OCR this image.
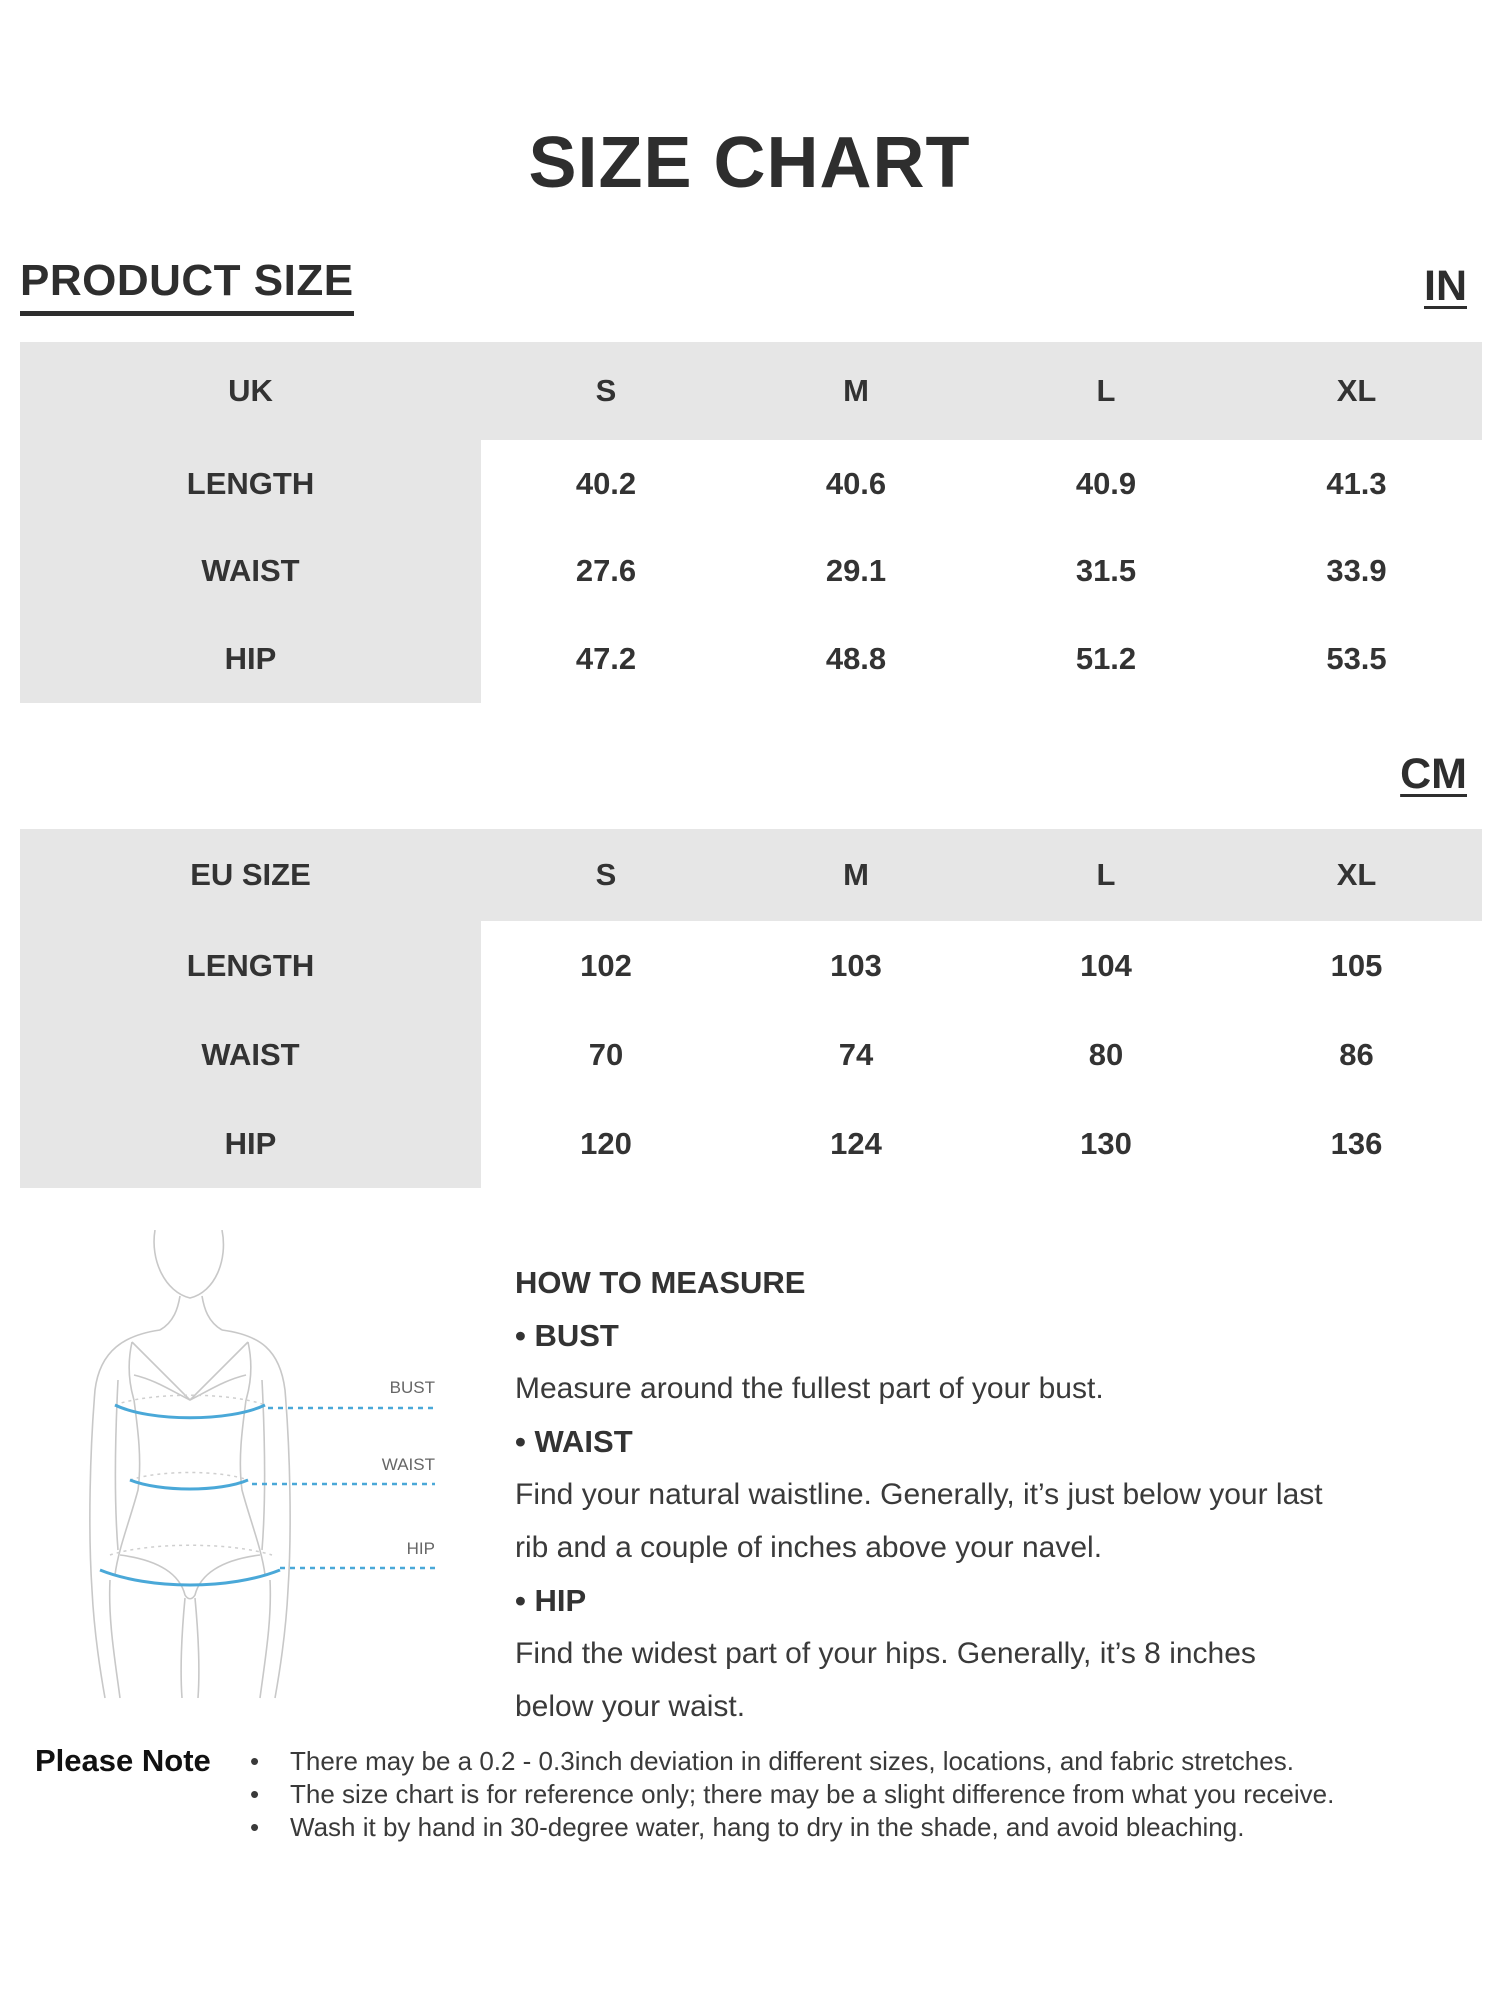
SIZE CHART
PRODUCT SIZE	IN
UK	S	M	L	XL
LENGTH	40.2	40.6	40.9	41.3
WAIST	27.6	29.1	31.5	33.9
HIP	47.2	48.8	51.2	53.5
CM
EU SIZE	S	M	L	XL
LENGTH	102	103	104	105
WAIST	70	74	80	86
HIP	120	124	130	136
BUST
WAIST
HIP
HOW TO MEASURE
• BUST
Measure around the fullest part of your bust.
• WAIST
Find your natural waistline. Generally, it’s just below your last
rib and a couple of inches above your navel.
• HIP
Find the widest part of your hips. Generally, it’s 8 inches
below your waist.
Please Note • There may be a 0.2 - 0.3inch deviation in different sizes, locations, and fabric stretches.
• The size chart is for reference only; there may be a slight difference from what you receive.
• Wash it by hand in 30-degree water, hang to dry in the shade, and avoid bleaching.
